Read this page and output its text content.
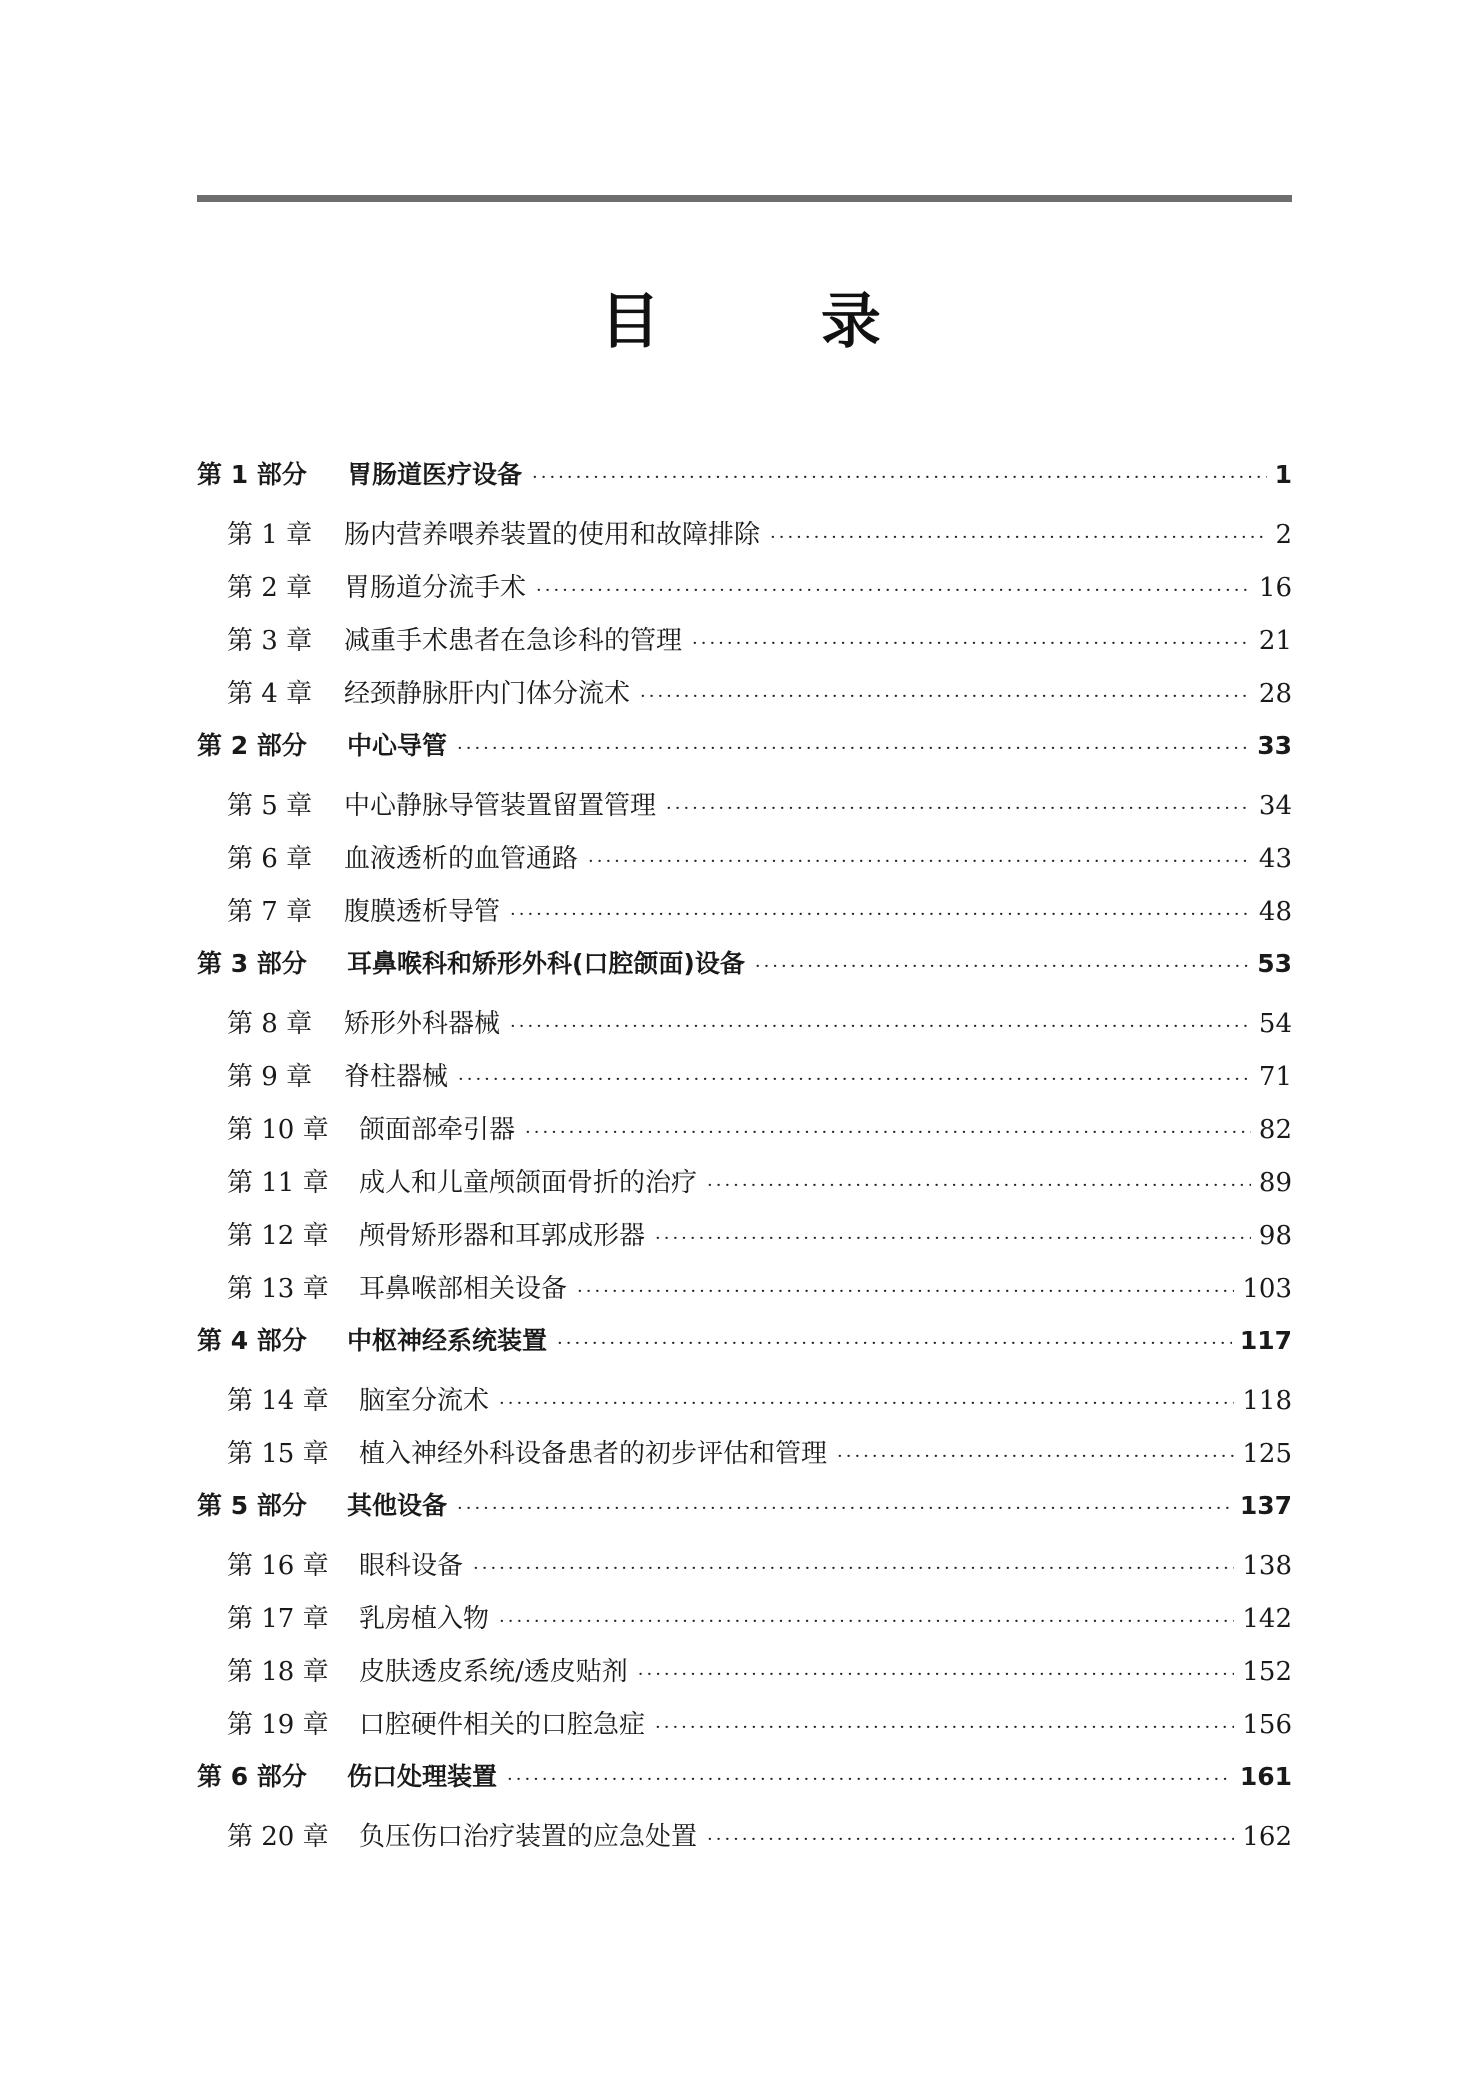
目 录
第 1 部分	胃肠道医疗设备 ·····	1
第 1 章	肠内营养喂养装置的使用和故障排除 ·····	2
第 2 章	胃肠道分流手术 ·····	16
第 3 章	减重手术患者在急诊科的管理 ·····	21
第 4 章	经颈静脉肝内门体分流术 ·····	28
第 2 部分	中心导管 ·····	33
第 5 章	中心静脉导管装置留置管理 ·····	34
第 6 章	血液透析的血管通路 ·····	43
第 7 章	腹膜透析导管 ·····	48
第 3 部分	耳鼻喉科和矫形外科(口腔颌面)设备 ·····	53
第 8 章	矫形外科器械 ·····	54
第 9 章	脊柱器械 ·····	71
第 10 章	颌面部牵引器 ·····	82
第 11 章	成人和儿童颅颌面骨折的治疗 ·····	89
第 12 章	颅骨矫形器和耳郭成形器 ·····	98
第 13 章	耳鼻喉部相关设备 ·····	103
第 4 部分	中枢神经系统装置 ·····	117
第 14 章	脑室分流术 ·····	118
第 15 章	植入神经外科设备患者的初步评估和管理 ·····	125
第 5 部分	其他设备 ·····	137
第 16 章	眼科设备 ·····	138
第 17 章	乳房植入物 ·····	142
第 18 章	皮肤透皮系统/透皮贴剂 ·····	152
第 19 章	口腔硬件相关的口腔急症 ·····	156
第 6 部分	伤口处理装置 ·····	161
第 20 章	负压伤口治疗装置的应急处置 ·····	162
